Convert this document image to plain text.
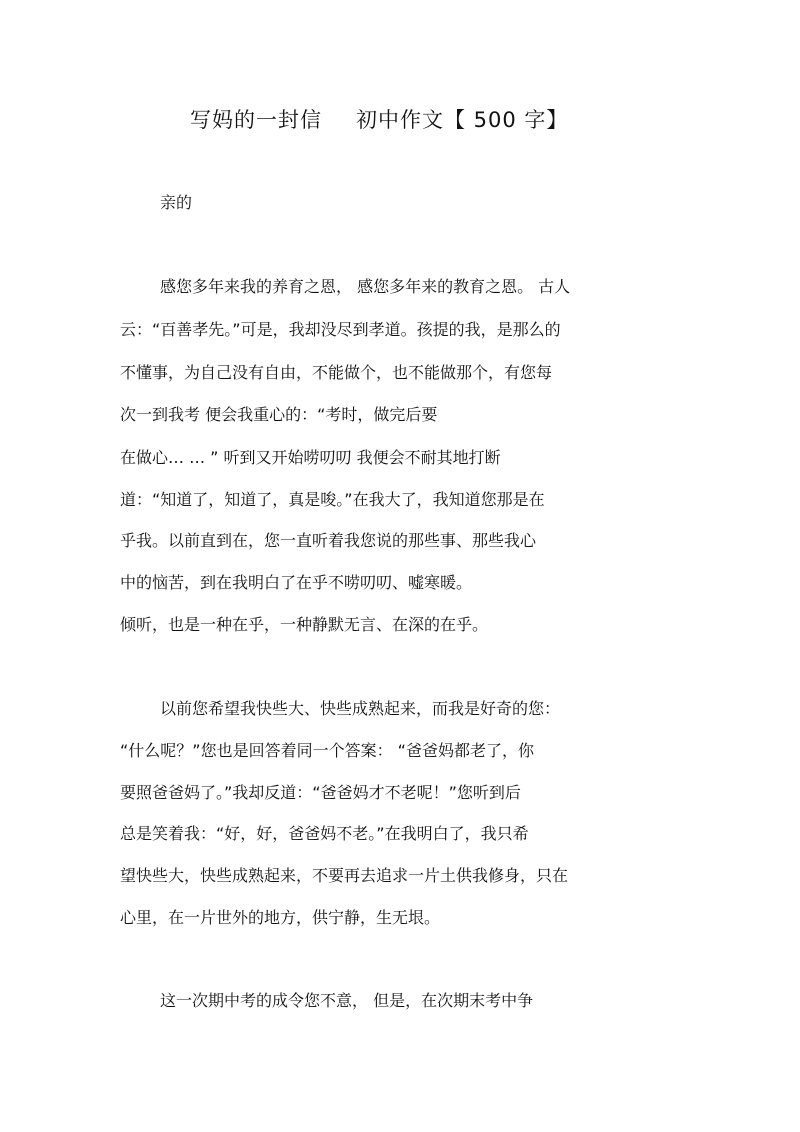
写妈的一封信 初中作文【 500 字】
亲的
感您多年来我的养育之恩， 感您多年来的教育之恩。 古人
云：“百善孝先。”可是，我却没尽到孝道。孩提的我，是那么的
不懂事，为自己没有自由，不能做个，也不能做那个，有您每
次一到我考 便会我重心的：“考时，做完后要
在做心… … ” 听到又开始唠叨叨 我便会不耐其地打断
道：“知道了，知道了，真是唆。”在我大了，我知道您那是在
乎我。以前直到在，您一直听着我您说的那些事、那些我心
中的恼苦，到在我明白了在乎不唠叨叨、嘘寒暖。
倾听，也是一种在乎，一种静默无言、在深的在乎。
以前您希望我快些大、快些成熟起来，而我是好奇的您：
“什么呢？”您也是回答着同一个答案： “爸爸妈都老了，你
要照爸爸妈了。”我却反道：“爸爸妈才不老呢！”您听到后
总是笑着我：“好，好，爸爸妈不老。”在我明白了，我只希
望快些大，快些成熟起来，不要再去追求一片土供我修身，只在
心里，在一片世外的地方，供宁静，生无垠。
这一次期中考的成令您不意， 但是，在次期末考中争
